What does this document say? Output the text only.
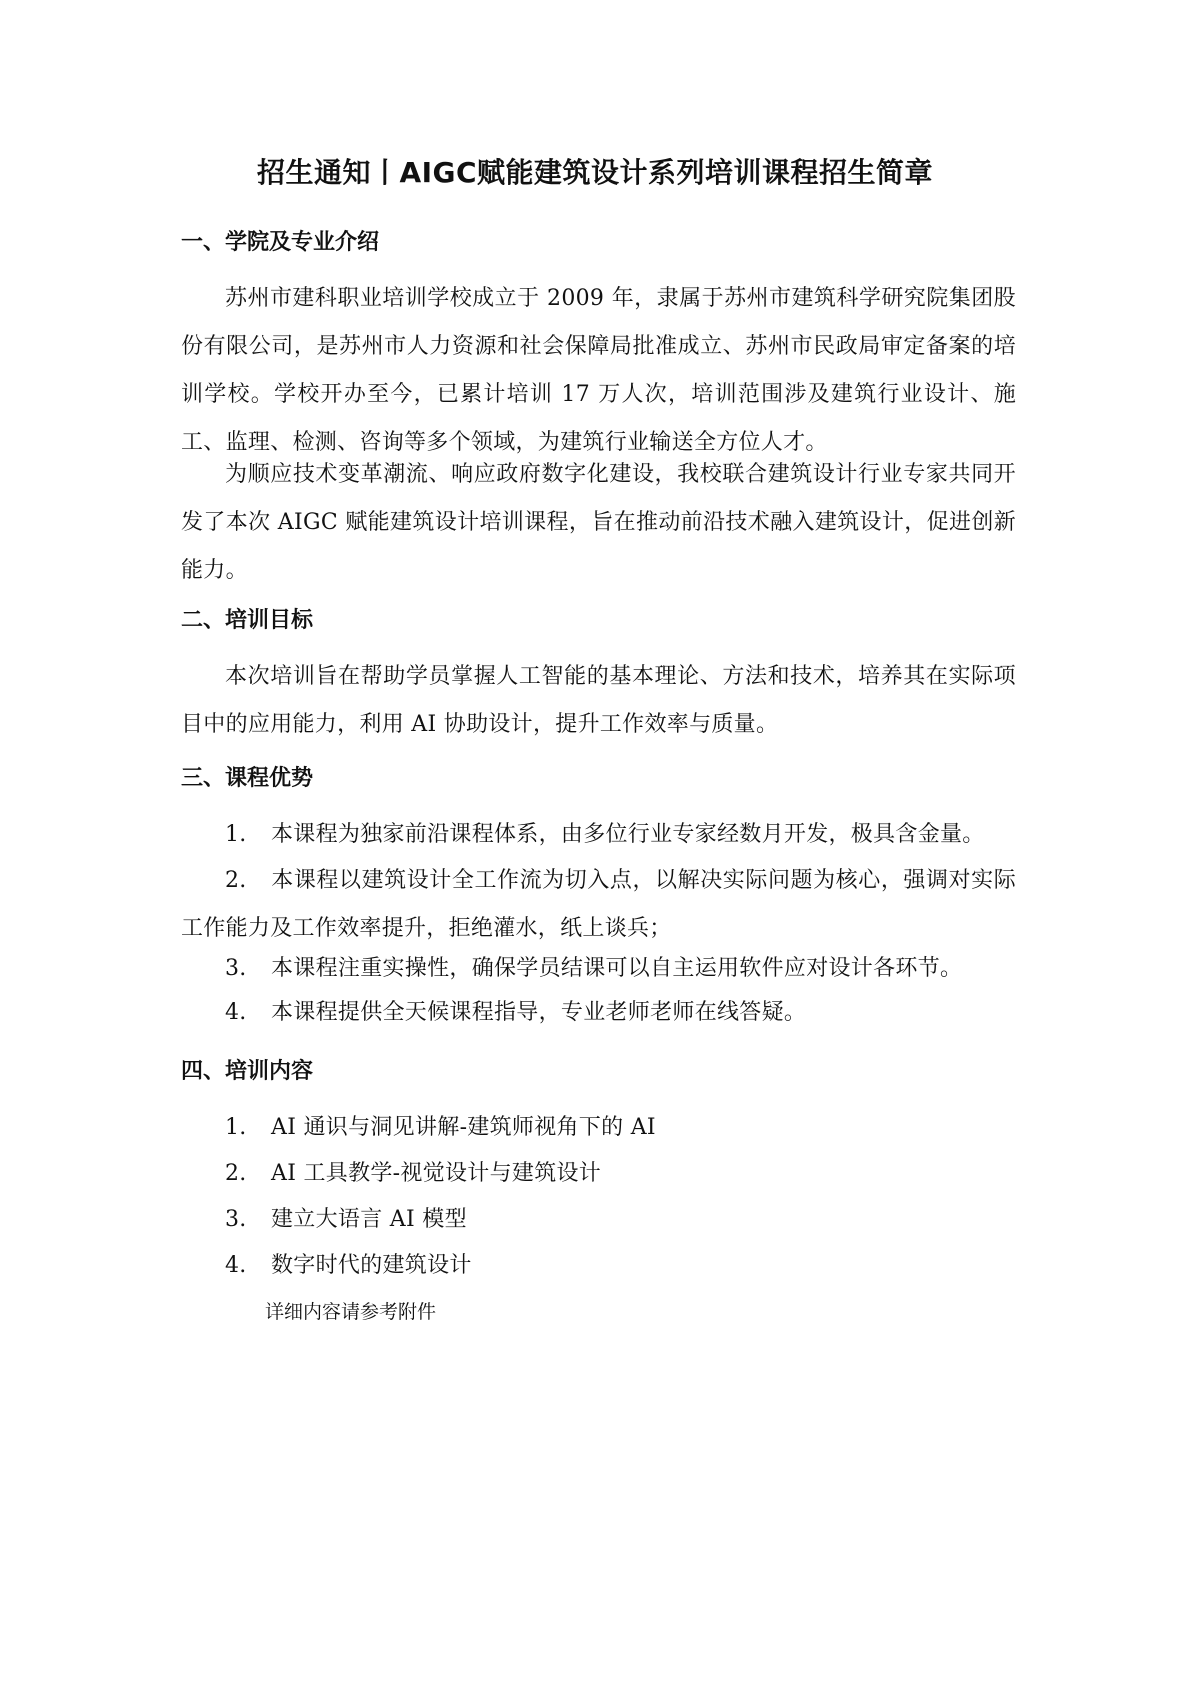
招生通知丨AIGC赋能建筑设计系列培训课程招生简章
一、学院及专业介绍
苏州市建科职业培训学校成立于 2009 年，隶属于苏州市建筑科学研究院集团股份有限公司，是苏州市人力资源和社会保障局批准成立、苏州市民政局审定备案的培训学校。学校开办至今，已累计培训 17 万人次，培训范围涉及建筑行业设计、施工、监理、检测、咨询等多个领域，为建筑行业输送全方位人才。
为顺应技术变革潮流、响应政府数字化建设，我校联合建筑设计行业专家共同开发了本次 AIGC 赋能建筑设计培训课程，旨在推动前沿技术融入建筑设计，促进创新能力。
二、培训目标
本次培训旨在帮助学员掌握人工智能的基本理论、方法和技术，培养其在实际项目中的应用能力，利用 AI 协助设计，提升工作效率与质量。
三、课程优势
1. 本课程为独家前沿课程体系，由多位行业专家经数月开发，极具含金量。
2. 本课程以建筑设计全工作流为切入点，以解决实际问题为核心，强调对实际工作能力及工作效率提升，拒绝灌水，纸上谈兵；
3. 本课程注重实操性，确保学员结课可以自主运用软件应对设计各环节。
4. 本课程提供全天候课程指导，专业老师老师在线答疑。
四、培训内容
1. AI 通识与洞见讲解-建筑师视角下的 AI
2. AI 工具教学-视觉设计与建筑设计
3. 建立大语言 AI 模型
4. 数字时代的建筑设计
详细内容请参考附件
